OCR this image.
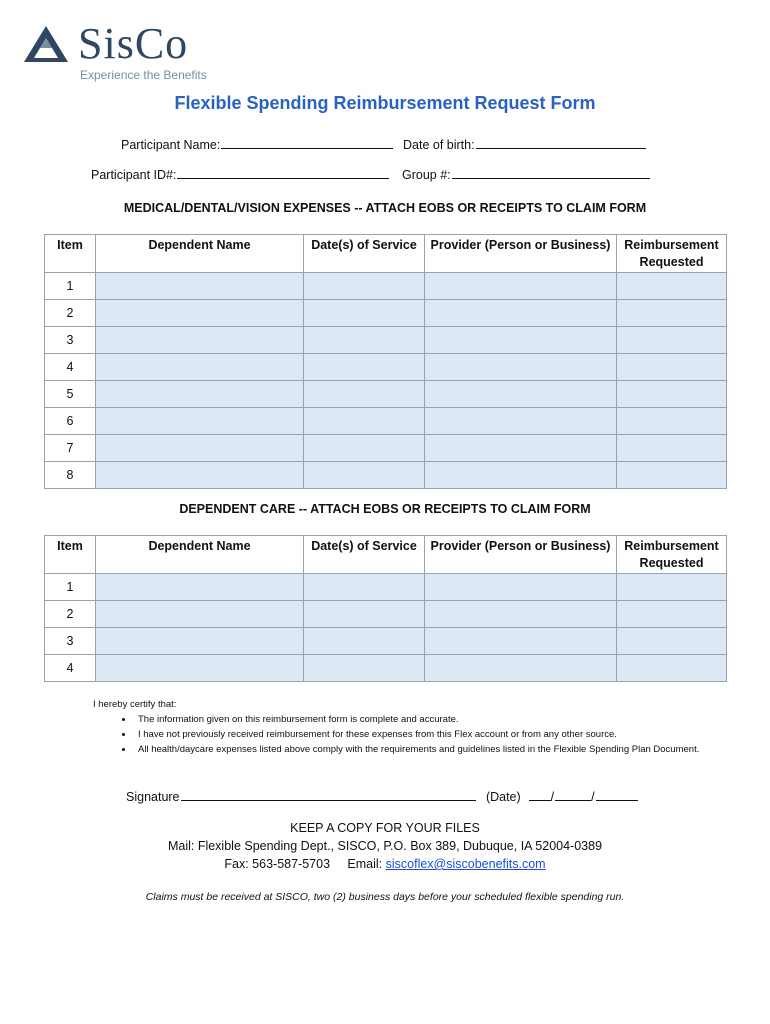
SisCo
Experience the Benefits
Flexible Spending Reimbursement Request Form
Participant Name:	Date of birth:
Participant ID#:	Group #:
MEDICAL/DENTAL/VISION EXPENSES -- ATTACH EOBS OR RECEIPTS TO CLAIM FORM
Item	Dependent Name	Date(s) of Service	Provider (Person or Business)	Reimbursement Requested
1				
2				
3				
4				
5				
6				
7				
8				
DEPENDENT CARE -- ATTACH EOBS OR RECEIPTS TO CLAIM FORM
Item	Dependent Name	Date(s) of Service	Provider (Person or Business)	Reimbursement Requested
1				
2				
3				
4				
I hereby certify that:
• The information given on this reimbursement form is complete and accurate.
• I have not previously received reimbursement for these expenses from this Flex account or from any other source.
• All health/daycare expenses listed above comply with the requirements and guidelines listed in the Flexible Spending Plan Document.
Signature	(Date) /	/
KEEP A COPY FOR YOUR FILES
Mail: Flexible Spending Dept., SISCO, P.O. Box 389, Dubuque, IA 52004-0389
Fax: 563-587-5703 Email: siscoflex@siscobenefits.com
Claims must be received at SISCO, two (2) business days before your scheduled flexible spending run.
